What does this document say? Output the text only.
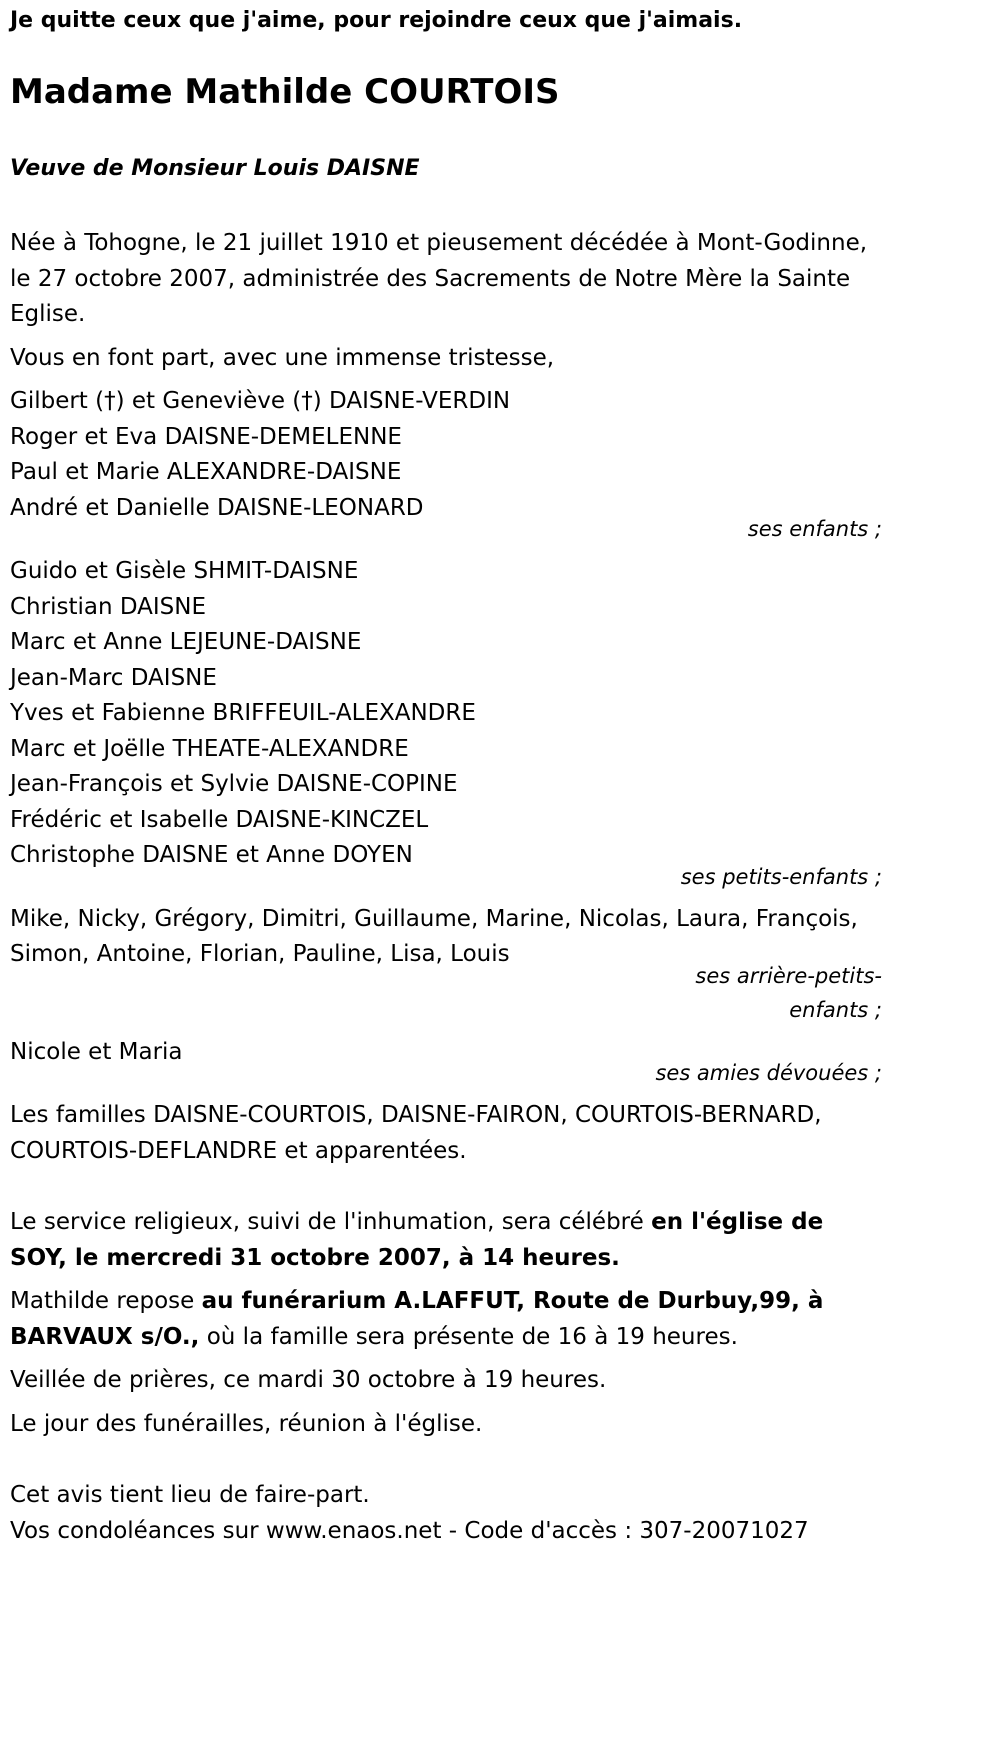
Je quitte ceux que j'aime, pour rejoindre ceux que j'aimais.

Madame Mathilde COURTOIS

Veuve de Monsieur Louis DAISNE

Née à Tohogne, le 21 juillet 1910 et pieusement décédée à Mont-Godinne, le 27 octobre 2007, administrée des Sacrements de Notre Mère la Sainte Eglise.

Vous en font part, avec une immense tristesse,

Gilbert (†) et Geneviève (†) DAISNE-VERDIN
Roger et Eva DAISNE-DEMELENNE
Paul et Marie ALEXANDRE-DAISNE
André et Danielle DAISNE-LEONARD
ses enfants ;
Guido et Gisèle SHMIT-DAISNE
Christian DAISNE
Marc et Anne LEJEUNE-DAISNE
Jean-Marc DAISNE
Yves et Fabienne BRIFFEUIL-ALEXANDRE
Marc et Joëlle THEATE-ALEXANDRE
Jean-François et Sylvie DAISNE-COPINE
Frédéric et Isabelle DAISNE-KINCZEL
Christophe DAISNE et Anne DOYEN
ses petits-enfants ;

Mike, Nicky, Grégory, Dimitri, Guillaume, Marine, Nicolas, Laura, François, Simon, Antoine, Florian, Pauline, Lisa, Louis

ses arrière-petits-enfants ;

Nicole et Maria

ses amies dévouées ;

Les familles DAISNE-COURTOIS, DAISNE-FAIRON, COURTOIS-BERNARD, COURTOIS-DEFLANDRE et apparentées.

Le service religieux, suivi de l'inhumation, sera célébré en l'église de SOY, le mercredi 31 octobre 2007, à 14 heures.

Mathilde repose au funérarium A.LAFFUT, Route de Durbuy,99, à BARVAUX s/O., où la famille sera présente de 16 à 19 heures.

Veillée de prières, ce mardi 30 octobre à 19 heures.

Le jour des funérailles, réunion à l'église.

Cet avis tient lieu de faire-part.
Vos condoléances sur www.enaos.net - Code d'accès : 307-20071027
